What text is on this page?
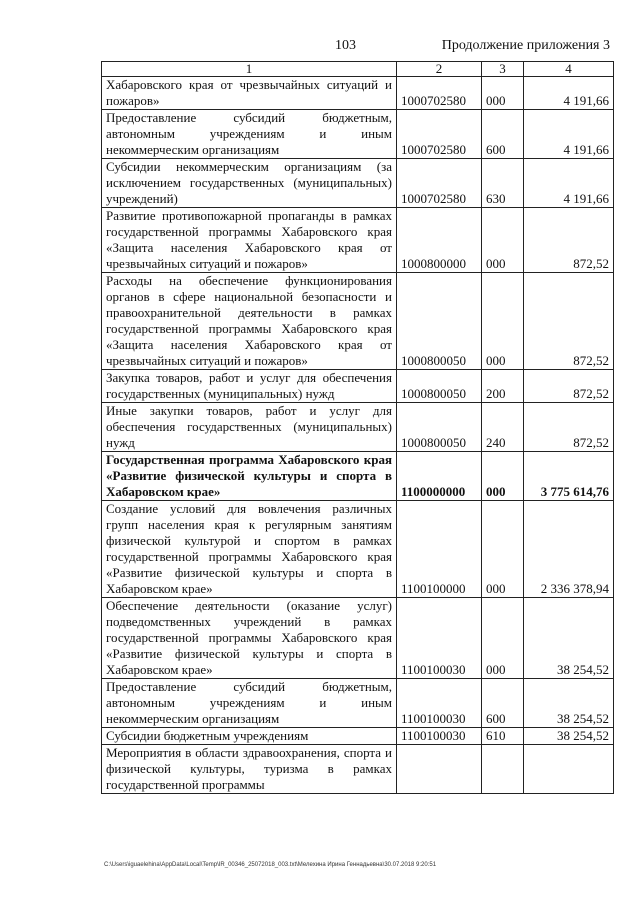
103	Продолжение приложения 3
1	2	3	4
Хабаровского края от чрезвычайных ситуаций и пожаров»	1000702580	000	4 191,66
Предоставление субсидий бюджетным, автономным учреждениям и иным некоммерческим организациям	1000702580	600	4 191,66
Субсидии некоммерческим организациям (за исключением государственных (муниципальных) учреждений)	1000702580	630	4 191,66
Развитие противопожарной пропаганды в рамках государственной программы Хабаровского края «Защита населения Хабаровского края от чрезвычайных ситуаций и пожаров»	1000800000	000	872,52
Расходы на обеспечение функционирования органов в сфере национальной безопасности и правоохранительной деятельности в рамках государственной программы Хабаровского края «Защита населения Хабаровского края от чрезвычайных ситуаций и пожаров»	1000800050	000	872,52
Закупка товаров, работ и услуг для обеспечения государственных (муниципальных) нужд	1000800050	200	872,52
Иные закупки товаров, работ и услуг для обеспечения государственных (муниципальных) нужд	1000800050	240	872,52
Государственная программа Хабаровского края «Развитие физической культуры и спорта в Хабаровском крае»	1100000000	000	3 775 614,76
Создание условий для вовлечения различных групп населения края к регулярным занятиям физической культурой и спортом в рамках государственной программы Хабаровского края «Развитие физической культуры и спорта в Хабаровском крае»	1100100000	000	2 336 378,94
Обеспечение деятельности (оказание услуг) подведомственных учреждений в рамках государственной программы Хабаровского края «Развитие физической культуры и спорта в Хабаровском крае»	1100100030	000	38 254,52
Предоставление субсидий бюджетным, автономным учреждениям и иным некоммерческим организациям	1100100030	600	38 254,52
Субсидии бюджетным учреждениям	1100100030	610	38 254,52
Мероприятия в области здравоохранения, спорта и физической культуры, туризма в рамках государственной программы			
C:\Users\iguaelehina\AppData\Local\Temp\IR_00346_25072018_003.txt\Мелехина Ирина Геннадьевна\30.07.2018 9:20:51
